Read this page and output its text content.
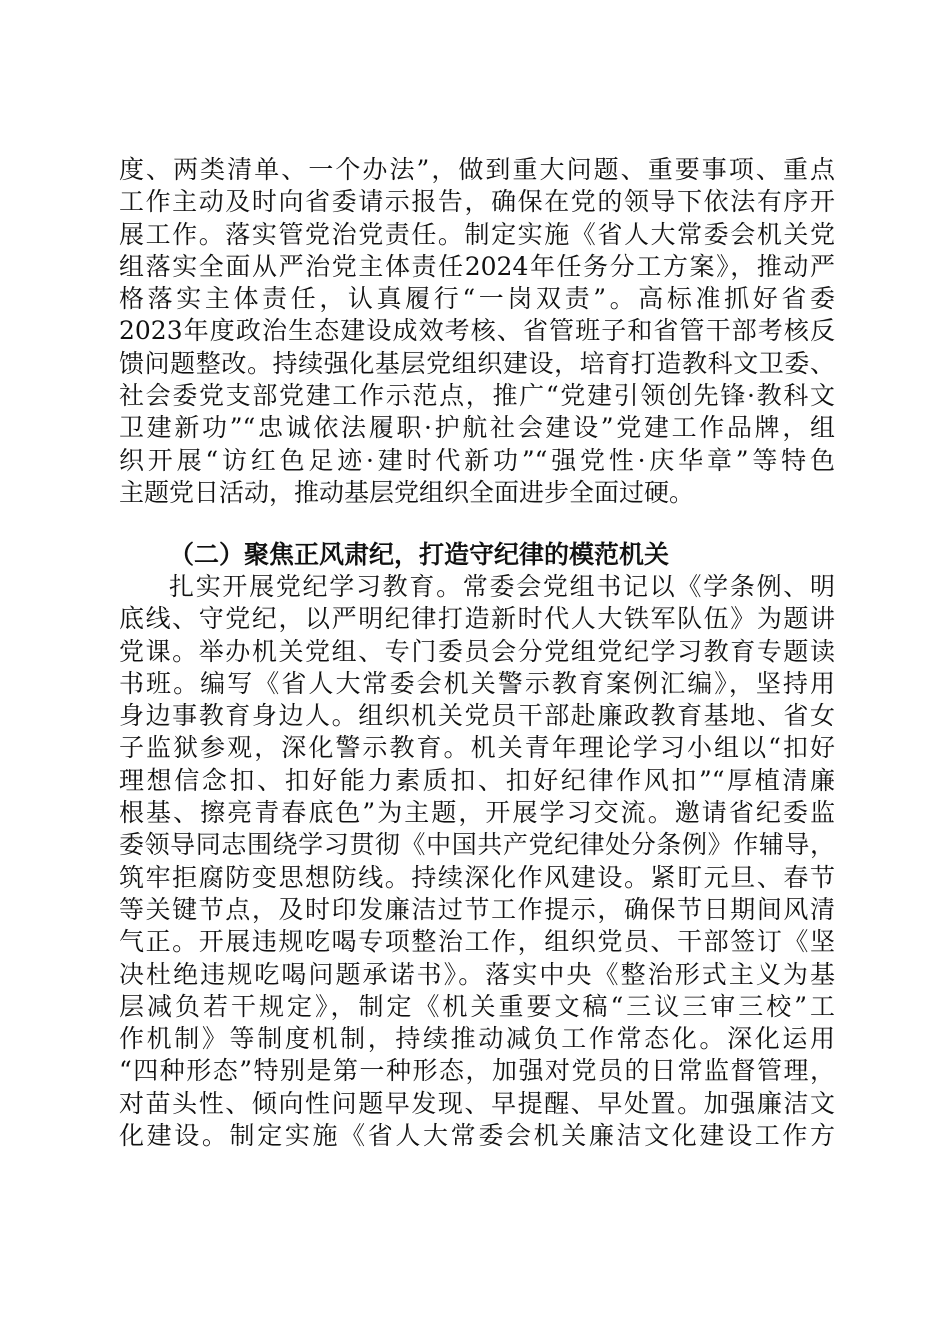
度、两类清单、一个办法”，做到重大问题、重要事项、重点
工作主动及时向省委请示报告，确保在党的领导下依法有序开
展工作。落实管党治党责任。制定实施《省人大常委会机关党
组落实全面从严治党主体责任2024年任务分工方案》，推动严
格落实主体责任，认真履行“一岗双责”。高标准抓好省委
2023年度政治生态建设成效考核、省管班子和省管干部考核反
馈问题整改。持续强化基层党组织建设，培育打造教科文卫委、
社会委党支部党建工作示范点，推广“党建引领创先锋·教科文
卫建新功”“忠诚依法履职·护航社会建设”党建工作品牌，组
织开展“访红色足迹·建时代新功”“强党性·庆华章”等特色
主题党日活动，推动基层党组织全面进步全面过硬。
（二）聚焦正风肃纪，打造守纪律的模范机关
扎实开展党纪学习教育。常委会党组书记以《学条例、明
底线、守党纪，以严明纪律打造新时代人大铁军队伍》为题讲
党课。举办机关党组、专门委员会分党组党纪学习教育专题读
书班。编写《省人大常委会机关警示教育案例汇编》，坚持用
身边事教育身边人。组织机关党员干部赴廉政教育基地、省女
子监狱参观，深化警示教育。机关青年理论学习小组以“扣好
理想信念扣、扣好能力素质扣、扣好纪律作风扣”“厚植清廉
根基、擦亮青春底色”为主题，开展学习交流。邀请省纪委监
委领导同志围绕学习贯彻《中国共产党纪律处分条例》作辅导，
筑牢拒腐防变思想防线。持续深化作风建设。紧盯元旦、春节
等关键节点，及时印发廉洁过节工作提示，确保节日期间风清
气正。开展违规吃喝专项整治工作，组织党员、干部签订《坚
决杜绝违规吃喝问题承诺书》。落实中央《整治形式主义为基
层减负若干规定》，制定《机关重要文稿“三议三审三校”工
作机制》等制度机制，持续推动减负工作常态化。深化运用
“四种形态”特别是第一种形态，加强对党员的日常监督管理，
对苗头性、倾向性问题早发现、早提醒、早处置。加强廉洁文
化建设。制定实施《省人大常委会机关廉洁文化建设工作方
